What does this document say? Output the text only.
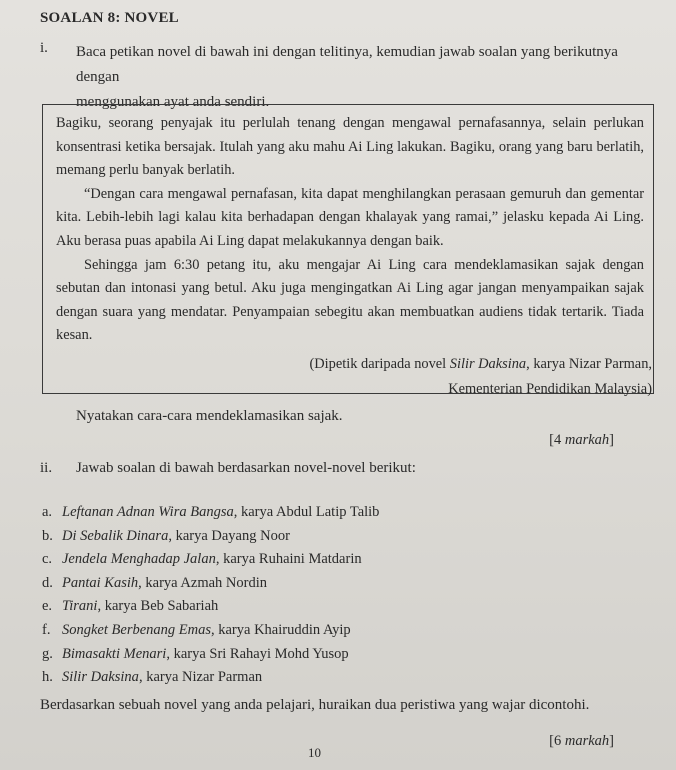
SOALAN 8: NOVEL
i. Baca petikan novel di bawah ini dengan telitinya, kemudian jawab soalan yang berikutnya dengan
menggunakan ayat anda sendiri.

Bagiku, seorang penyajak itu perlulah tenang dengan mengawal pernafasannya, selain perlukan konsentrasi ketika bersajak. Itulah yang aku mahu Ai Ling lakukan. Bagiku, orang yang baru berlatih, memang perlu banyak berlatih.

“Dengan cara mengawal pernafasan, kita dapat menghilangkan perasaan gemuruh dan gementar kita. Lebih-lebih lagi kalau kita berhadapan dengan khalayak yang ramai,” jelasku kepada Ai Ling. Aku berasa puas apabila Ai Ling dapat melakukannya dengan baik.

Sehingga jam 6:30 petang itu, aku mengajar Ai Ling cara mendeklamasikan sajak dengan sebutan dan intonasi yang betul. Aku juga mengingatkan Ai Ling agar jangan menyampaikan sajak dengan suara yang mendatar. Penyampaian sebegitu akan membuatkan audiens tidak tertarik. Tiada kesan.

(Dipetik daripada novel Silir Daksina, karya Nizar Parman,
Kementerian Pendidikan Malaysia)
Nyatakan cara-cara mendeklamasikan sajak.
[4 markah]
ii. Jawab soalan di bawah berdasarkan novel-novel berikut:
a. Leftanan Adnan Wira Bangsa, karya Abdul Latip Talib
b. Di Sebalik Dinara, karya Dayang Noor
c. Jendela Menghadap Jalan, karya Ruhaini Matdarin
d. Pantai Kasih, karya Azmah Nordin
e. Tirani, karya Beb Sabariah
f. Songket Berbenang Emas, karya Khairuddin Ayip
g. Bimasakti Menari, karya Sri Rahayi Mohd Yusop
h. Silir Daksina, karya Nizar Parman
Berdasarkan sebuah novel yang anda pelajari, huraikan dua peristiwa yang wajar dicontohi.
[6 markah]
10
